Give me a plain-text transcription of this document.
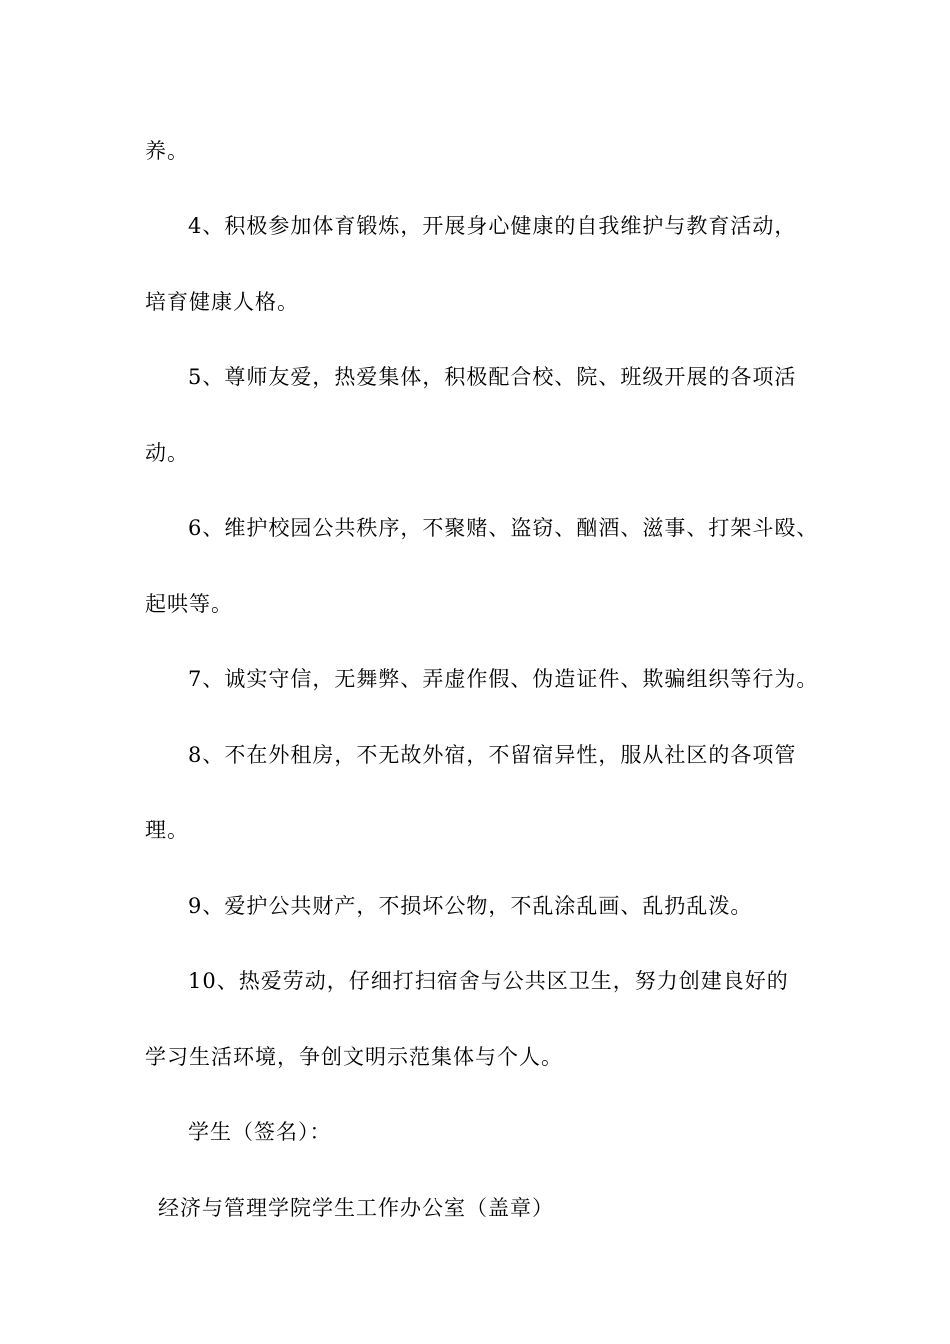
养。
4、积极参加体育锻炼，开展身心健康的自我维护与教育活动，
培育健康人格。
5、尊师友爱，热爱集体，积极配合校、院、班级开展的各项活
动。
6、维护校园公共秩序，不聚赌、盗窃、酗酒、滋事、打架斗殴、
起哄等。
7、诚实守信，无舞弊、弄虚作假、伪造证件、欺骗组织等行为。
8、不在外租房，不无故外宿，不留宿异性，服从社区的各项管
理。
9、爱护公共财产，不损坏公物，不乱涂乱画、乱扔乱泼。
10、热爱劳动，仔细打扫宿舍与公共区卫生，努力创建良好的
学习生活环境，争创文明示范集体与个人。
学生（签名）：
经济与管理学院学生工作办公室（盖章）
